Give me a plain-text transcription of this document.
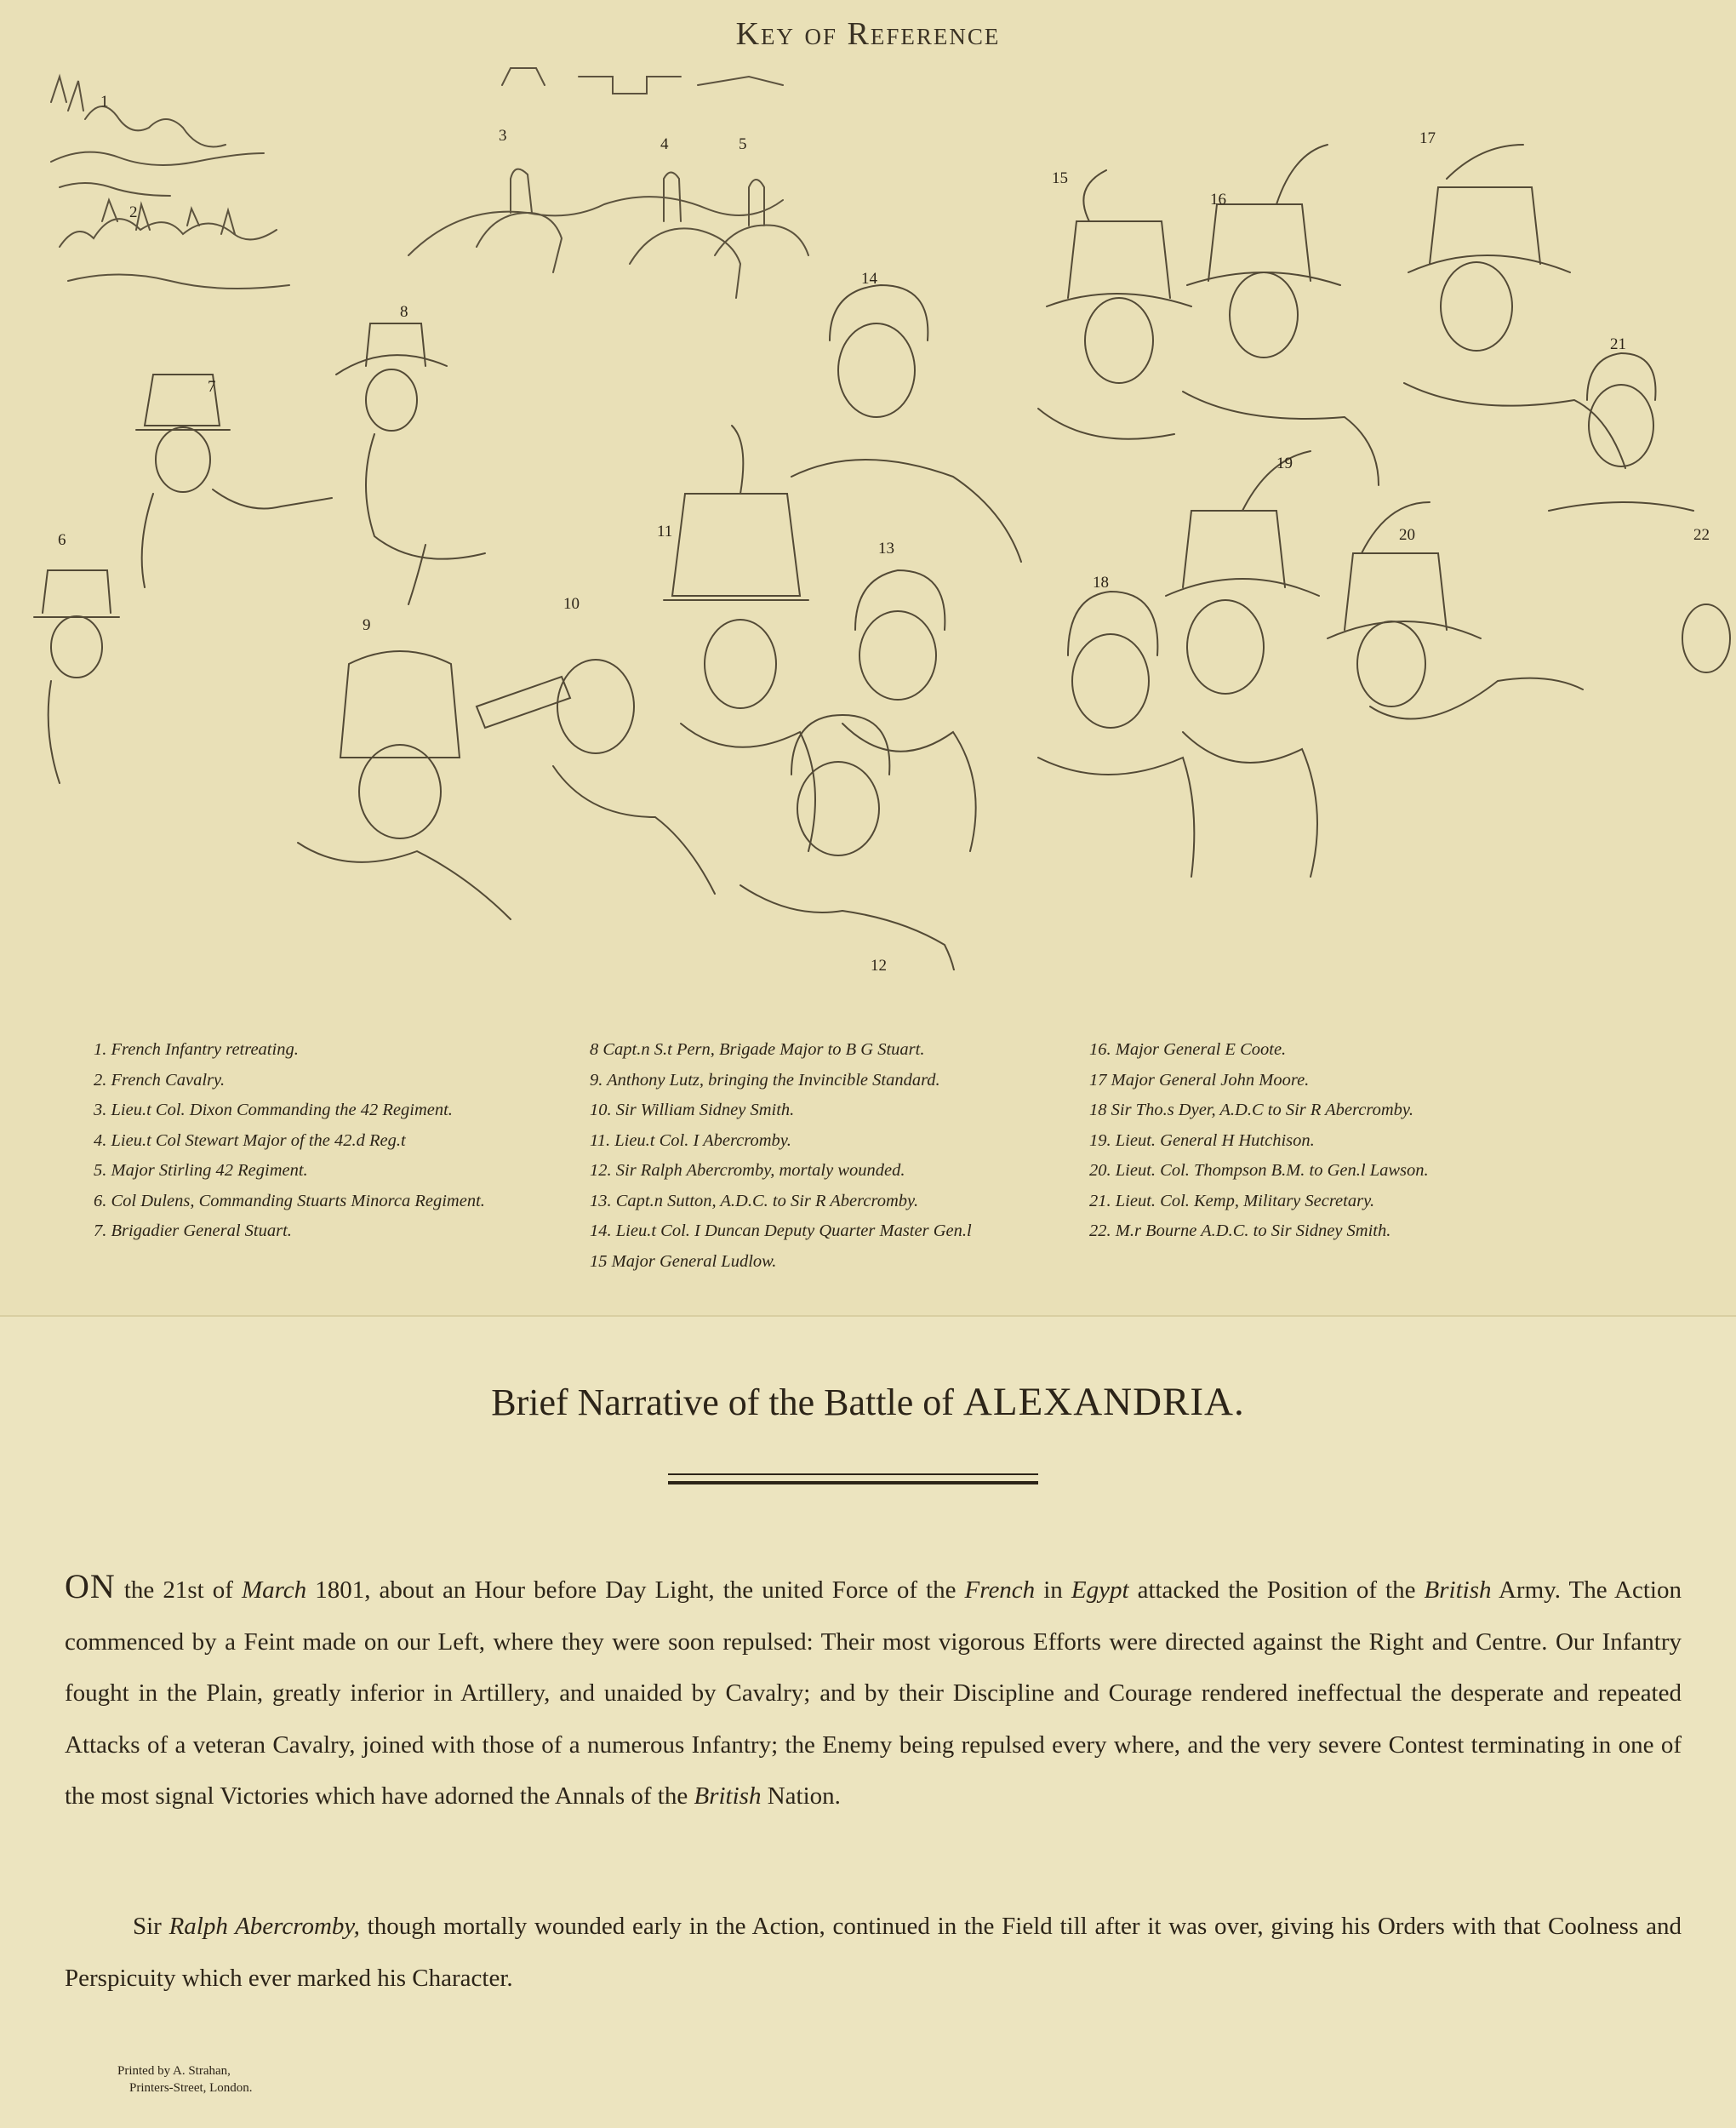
Key of Reference
1
2
3	4	5
6
7
8
9
10
11
12
13
14
15
16
17
18
19
20
21
22
1. French Infantry retreating.
2. French Cavalry.
3. Lieu.t Col. Dixon Commanding the 42 Regiment.
4. Lieu.t Col Stewart Major of the 42.d Reg.t
5. Major Stirling 42 Regiment.
6. Col Dulens, Commanding Stuarts Minorca Regiment.
7. Brigadier General Stuart.
8 Capt.n S.t Pern, Brigade Major to B G Stuart.
9. Anthony Lutz, bringing the Invincible Standard.
10. Sir William Sidney Smith.
11. Lieu.t Col. I Abercromby.
12. Sir Ralph Abercromby, mortaly wounded.
13. Capt.n Sutton, A.D.C. to Sir R Abercromby.
14. Lieu.t Col. I Duncan Deputy Quarter Master Gen.l
15 Major General Ludlow.
16. Major General E Coote.
17 Major General John Moore.
18 Sir Tho.s Dyer, A.D.C to Sir R Abercromby.
19. Lieut. General H Hutchison.
20. Lieut. Col. Thompson B.M. to Gen.l Lawson.
21. Lieut. Col. Kemp, Military Secretary.
22. M.r Bourne A.D.C. to Sir Sidney Smith.
Brief Narrative of the Battle of ALEXANDRIA.
ON the 21st of March 1801, about an Hour before Day Light, the united Force of the French in Egypt attacked the Position of the British Army. The Action commenced by a Feint made on our Left, where they were soon repulsed: Their most vigorous Efforts were directed against the Right and Centre. Our Infantry fought in the Plain, greatly inferior in Artillery, and unaided by Cavalry; and by their Discipline and Courage rendered ineffectual the desperate and repeated Attacks of a veteran Cavalry, joined with those of a numerous Infantry; the Enemy being repulsed every where, and the very severe Contest terminating in one of the most signal Victories which have adorned the Annals of the British Nation.
Sir Ralph Abercromby, though mortally wounded early in the Action, continued in the Field till after it was over, giving his Orders with that Coolness and Perspicuity which ever marked his Character.
Printed by A. Strahan,
Printers-Street, London.
